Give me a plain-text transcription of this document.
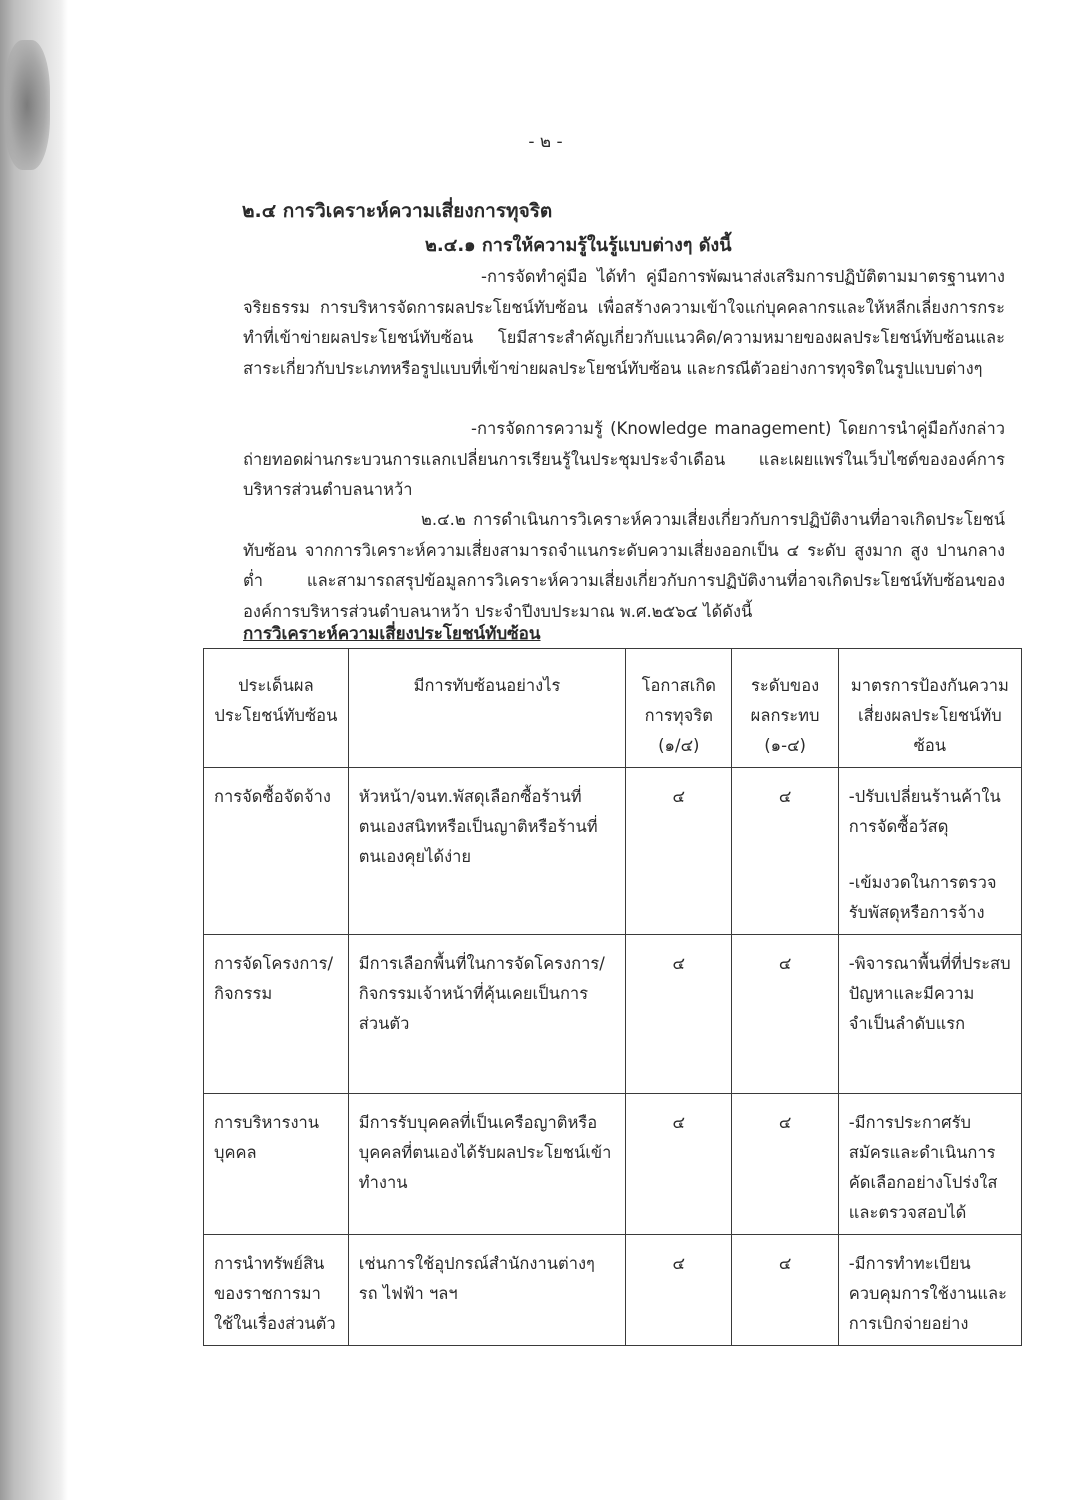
- ๒ -
๒.๔ การวิเคราะห์ความเสี่ยงการทุจริต
๒.๔.๑ การให้ความรู้ในรู้แบบต่างๆ ดังนี้
-การจัดทำคู่มือ ได้ทำ คู่มือการพัฒนาส่งเสริมการปฏิบัติตามมาตรฐานทางจริยธรรม การบริหารจัดการผลประโยชน์ทับซ้อน เพื่อสร้างความเข้าใจแก่บุคคลากรและให้หลีกเลี่ยงการกระทำที่เข้าข่ายผลประโยชน์ทับซ้อน โยมีสาระสำคัญเกี่ยวกับแนวคิด/ความหมายของผลประโยชน์ทับซ้อนและสาระเกี่ยวกับประเภทหรือรูปแบบที่เข้าข่ายผลประโยชน์ทับซ้อน และกรณีตัวอย่างการทุจริตในรูปแบบต่างๆ
-การจัดการความรู้ (Knowledge management) โดยการนำคู่มือกังกล่าวถ่ายทอดผ่านกระบวนการแลกเปลี่ยนการเรียนรู้ในประชุมประจำเดือน และเผยแพร่ในเว็บไซต์ขององค์การบริหารส่วนตำบลนาหว้า
๒.๔.๒ การดำเนินการวิเคราะห์ความเสี่ยงเกี่ยวกับการปฏิบัติงานที่อาจเกิดประโยชน์ทับซ้อน จากการวิเคราะห์ความเสี่ยงสามารถจำแนกระดับความเสี่ยงออกเป็น ๔ ระดับ สูงมาก สูง ปานกลาง ต่ำ และสามารถสรุปข้อมูลการวิเคราะห์ความเสี่ยงเกี่ยวกับการปฏิบัติงานที่อาจเกิดประโยชน์ทับซ้อนขององค์การบริหารส่วนตำบลนาหว้า ประจำปีงบประมาณ พ.ศ.๒๕๖๔ ได้ดังนี้
การวิเคราะห์ความเสี่ยงประโยชน์ทับซ้อน
ประเด็นผลประโยชน์ทับซ้อน	มีการทับซ้อนอย่างไร	โอกาสเกิดการทุจริต (๑/๔)	ระดับของผลกระทบ (๑-๔)	มาตรการป้องกันความเสี่ยงผลประโยชน์ทับซ้อน
การจัดซื้อจัดจ้าง	หัวหน้า/จนท.พัสดุเลือกซื้อร้านที่ตนเองสนิทหรือเป็นญาติหรือร้านที่ตนเองคุยได้ง่าย	๔	๔	-ปรับเปลี่ยนร้านค้าในการจัดซื้อวัสดุ
-เข้มงวดในการตรวจรับพัสดุหรือการจ้าง

การจัดโครงการ/กิจกรรม	มีการเลือกพื้นที่ในการจัดโครงการ/กิจกรรมเจ้าหน้าที่คุ้นเคยเป็นการส่วนตัว	๔	๔	-พิจารณาพื้นที่ที่ประสบปัญหาและมีความจำเป็นลำดับแรก

การบริหารงานบุคคล	มีการรับบุคคลที่เป็นเครือญาติหรือบุคคลที่ตนเองได้รับผลประโยชน์เข้าทำงาน	๔	๔	-มีการประกาศรับสมัครและดำเนินการคัดเลือกอย่างโปร่งใสและตรวจสอบได้

การนำทรัพย์สินของราชการมาใช้ในเรื่องส่วนตัว	เช่นการใช้อุปกรณ์สำนักงานต่างๆ รถ ไฟฟ้า ฯลฯ	๔	๔	-มีการทำทะเบียนควบคุมการใช้งานและการเบิกจ่ายอย่าง
